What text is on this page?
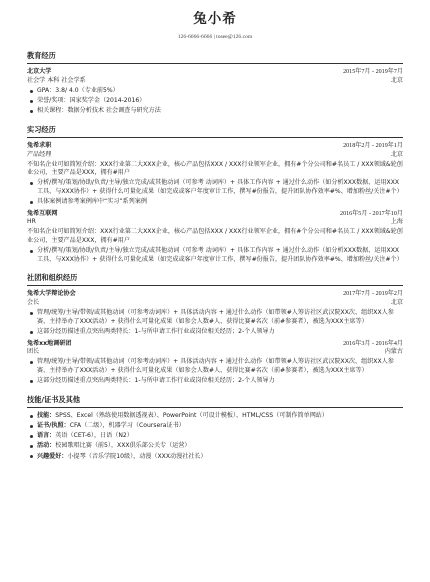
兔小希
126-6666-6666 | tosee@126.com
教育经历
北京大学	2015年7月 - 2019年7月
社会学 本科 社会学系	北京
GPA：3.8/ 4.0（专业前5%）
荣誉/奖项：国家奖学金（2014-2016）
相关课程：数据分析技术 社会调查与研究方法
实习经历
兔希求职	2018年2月 - 2019年1月
产品经理	北京
不知名企业可如简短介绍：XXX行业第二大XXX企业，核心产品包括XXX / XXX行业领军企业，拥有#个分公司和#名员工 / XXX领域&轮创业公司，主要产品是XXX，拥有#用户
分析/撰写/策划/协助/负责/主导/独立完成/或其他动词（可参考 动词库）+ 具体工作内容 + 通过什么动作（如分析XXX数据、运用XXX 工具、与XXX协作）+ 获得什么可量化成果（如完成或客户年度审计工作，撰写#份报告，提升团队协作效率#%、增加粉丝/关注#个）
具体案例请参考案例库中“实习”系列案例
兔希互联网	2016年5月 - 2017年10月
HR	上海
不知名企业可如简短介绍：XXX行业第二大XXX企业，核心产品包括XXX / XXX行业领军企业，拥有#个分公司和#名员工 / XXX领域&轮创业公司，主要产品是XXX，拥有#用户
分析/撰写/策划/协助/负责/主导/独立完成/或其他动词（可参考 动词库）+ 具体工作内容 + 通过什么动作（如分析XXX数据、运用XXX 工具、与XXX协作）+ 获得什么可量化成果（如完成或客户年度审计工作，撰写#份报告，提升团队协作效率#%、增加粉丝/关注#个）
社团和组织经历
兔希大学辩论协会	2017年7月 - 2019年2月
会长	北京
管理/统筹/主导/带领/或其他动词（可参考动词库）+ 具体活动内容 + 通过什么动作（如带领#人筹访社区武汉院XX次、组织XX人参赛、主持举办了XXX活动）+ 获得什么可量化成果（如参会人数#人、获得比赛#名次（前#参赛者），被选为XXX主席等）
这部分经历描述重点突出两类特长：1-与所申请工作行业或岗位相关经历；2-个人领导力
兔希xx地调研团	2016年3月 - 2016年4月
团长	内蒙古
管理/统筹/主导/带领/或其他动词（可参考动词库）+ 具体活动内容 + 通过什么动作（如带领#人筹访社区武汉院XX次、组织XX人参赛、主持举办了XXX活动）+ 获得什么可量化成果（如参会人数#人、获得比赛#名次（前#参赛者），被选为XXX主席等）
这部分经历描述重点突出两类特长：1-与所申请工作行业或岗位相关经历；2-个人领导力
技能/证书及其他
技能：SPSS、Excel（熟练使用数据透视表）、PowerPoint（可设计模板）、HTML/CSS（可制作简单网站）
证书/执照：CFA（二级），机器学习（Coursera证书）
语言：英语（CET-6），日语（N2）
活动：校园歌唱比赛（前5），XXX俱乐部公关专（运营）
兴趣爱好：小提琴（音乐学院10级），动漫（XXX动漫社社长）
